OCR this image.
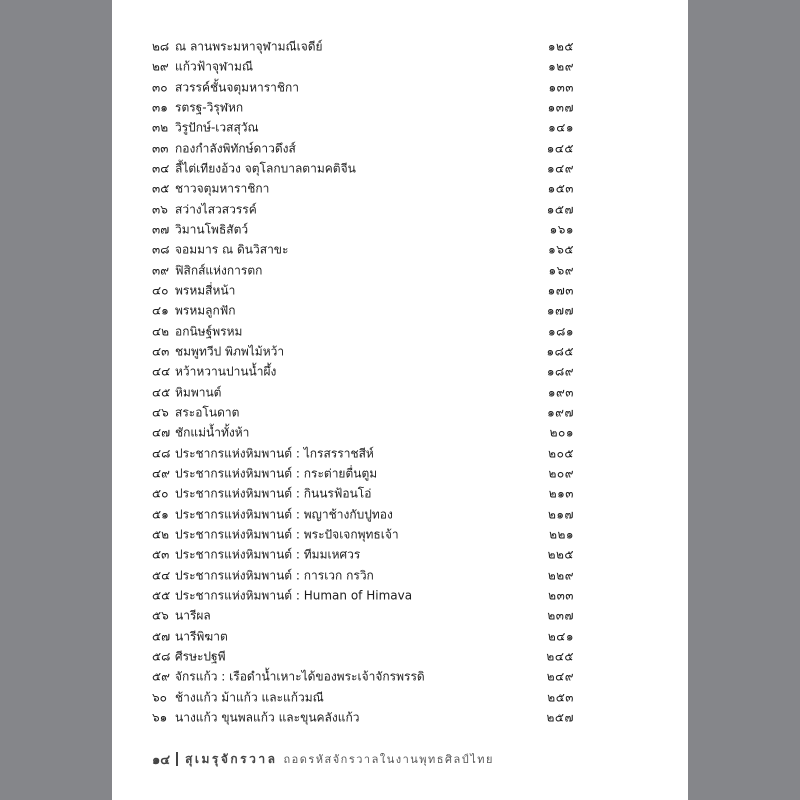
๒๘ ณ ลานพระมหาจุฬามณีเจดีย์	๑๒๕
๒๙ แก้วฟ้าจุฬามณี	๑๒๙
๓๐ สวรรค์ชั้นจตุมหาราชิกา	๑๓๓
๓๑ รตรฐ-วิรุฬหก	๑๓๗
๓๒ วิรูปักษ์-เวสสุวัณ	๑๔๑
๓๓ กองกำลังพิทักษ์ดาวดึงส์	๑๔๕
๓๔ ลี้ไต่เทียงอ้วง จตุโลกบาลตามคติจีน	๑๔๙
๓๕ ชาวจตุมหาราชิกา	๑๕๓
๓๖ สว่างไสวสวรรค์	๑๕๗
๓๗ วิมานโพธิสัตว์	๑๖๑
๓๘ จอมมาร ณ ดินวิสาขะ	๑๖๕
๓๙ ฟิสิกส์แห่งการตก	๑๖๙
๔๐ พรหมสี่หน้า	๑๗๓
๔๑ พรหมลูกฟัก	๑๗๗
๔๒ อกนิษฐ์พรหม	๑๘๑
๔๓ ชมพูทวีป พิภพไม้หว้า	๑๘๕
๔๔ หว้าหวานปานน้ำผึ้ง	๑๘๙
๔๕ หิมพานต์	๑๙๓
๔๖ สระอโนดาต	๑๙๗
๔๗ ชักแม่น้ำทั้งห้า	๒๐๑
๔๘ ประชากรแห่งหิมพานต์ : ไกรสรราชสีห์	๒๐๕
๔๙ ประชากรแห่งหิมพานต์ : กระต่ายตื่นตูม	๒๐๙
๕๐ ประชากรแห่งหิมพานต์ : กินนรฟ้อนโอ่	๒๑๓
๕๑ ประชากรแห่งหิมพานต์ : พญาช้างกับปูทอง	๒๑๗
๕๒ ประชากรแห่งหิมพานต์ : พระปัจเจกพุทธเจ้า	๒๒๑
๕๓ ประชากรแห่งหิมพานต์ : ทีมมเหศวร	๒๒๕
๕๔ ประชากรแห่งหิมพานต์ : การเวก กรวิก	๒๒๙
๕๕ ประชากรแห่งหิมพานต์ : Human of Himava	๒๓๓
๕๖ นารีผล	๒๓๗
๕๗ นารีพิฆาต	๒๔๑
๕๘ ศีรษะปฐพี	๒๔๕
๕๙ จักรแก้ว : เรือดำน้ำเหาะได้ของพระเจ้าจักรพรรดิ	๒๔๙
๖๐ ช้างแก้ว ม้าแก้ว และแก้วมณี	๒๕๓
๖๑ นางแก้ว ขุนพลแก้ว และขุนคลังแก้ว	๒๕๗
๑๔ สุเมรุจักรวาล ถอดรหัสจักรวาลในงานพุทธศิลป์ไทย
